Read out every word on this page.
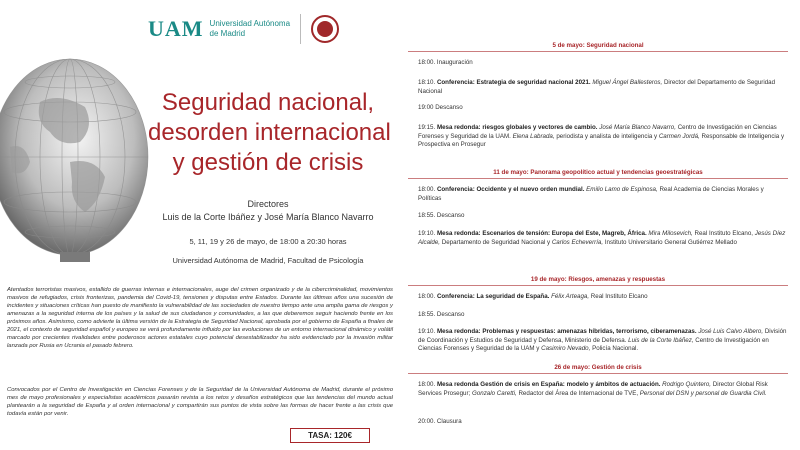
UAM Universidad Autónoma
de Madrid
Seguridad nacional,
desorden internacional
y gestión de crisis
Directores
Luis de la Corte Ibáñez y José María Blanco Navarro
5, 11, 19 y 26 de mayo, de 18:00 a 20:30 horas
Universidad Autónoma de Madrid, Facultad de Psicología

Atentados terroristas masivos, estallido de guerras internas e internacionales, auge del crimen organizado y de la cibercriminalidad, movimientos masivos de refugiados, crisis fronterizas, pandemia del Covid-19, tensiones y disputas entre Estados. Durante las últimas años una sucesión de incidentes y situaciones críticas han puesto de manifiesto la vulnerabilidad de las sociedades de nuestro tiempo ante una amplia gama de riesgos y amenazas a la seguridad interna de los países y la salud de sus ciudadanos y comunidades, a las que deberemos seguir haciendo frente en los próximos años. Asimismo, como advierte la última versión de la Estrategia de Seguridad Nacional, aprobada por el gobierno de España a finales de 2021, el contexto de seguridad español y europeo se verá profundamente influido por las evoluciones de un entorno internacional dinámico y volátil marcado por crecientes rivalidades entre poderosos actores estatales cuyo potencial desestabilizador ha sido evidenciado por la invasión militar lanzada por Rusia en Ucrania el pasado febrero.

Convocados por el Centro de Investigación en Ciencias Forenses y de la Seguridad de la Universidad Autónoma de Madrid, durante el próximo mes de mayo profesionales y especialistas académicos pasarán revista a los retos y desafíos estratégicos que las tendencias del mundo actual plantearán a la seguridad de España y al orden internacional y compartirán sus puntos de vista sobre las formas de hacer frente a las crisis que todavía están por venir.

TASA: 120€
5 de mayo: Seguridad nacional
18:00. Inauguración
18:10. Conferencia: Estrategia de seguridad nacional 2021. Miguel Ángel Ballesteros, Director del Departamento de Seguridad Nacional
19:00 Descanso
19:15. Mesa redonda: riesgos globales y vectores de cambio. José María Blanco Navarro, Centro de Investigación en Ciencias Forenses y Seguridad de la UAM. Elena Labrada, periodista y analista de inteligencia y Carmen Jordá, Responsable de Inteligencia y Prospectiva en Prosegur
11 de mayo: Panorama geopolítico actual y tendencias geoestratégicas
18:00. Conferencia: Occidente y el nuevo orden mundial. Emilio Lamo de Espinosa, Real Academia de Ciencias Morales y Políticas
18:55. Descanso
19:10. Mesa redonda: Escenarios de tensión: Europa del Este, Magreb, África. Mira Milosevich, Real Instituto Elcano, Jesús Díez Alcalde, Departamento de Seguridad Nacional y Carlos Echeverría, Instituto Universitario General Gutiérrez Mellado
19 de mayo: Riesgos, amenazas y respuestas
18:00. Conferencia: La seguridad de España. Félix Arteaga, Real Instituto Elcano
18:55. Descanso
19:10. Mesa redonda: Problemas y respuestas: amenazas híbridas, terrorismo, ciberamenazas. José Luis Calvo Albero, División de Coordinación y Estudios de Seguridad y Defensa, Ministerio de Defensa. Luis de la Corte Ibáñez, Centro de Investigación en Ciencias Forenses y Seguridad de la UAM y Casimiro Nevado, Policía Nacional.
26 de mayo: Gestión de crisis
18:00. Mesa redonda Gestión de crisis en España: modelo y ámbitos de actuación. Rodrigo Quintero, Director Global Risk Services Prosegur; Gonzalo Caretti, Redactor del Área de Internacional de TVE, Personal del DSN y personal de Guardia Civil.
20:00. Clausura
